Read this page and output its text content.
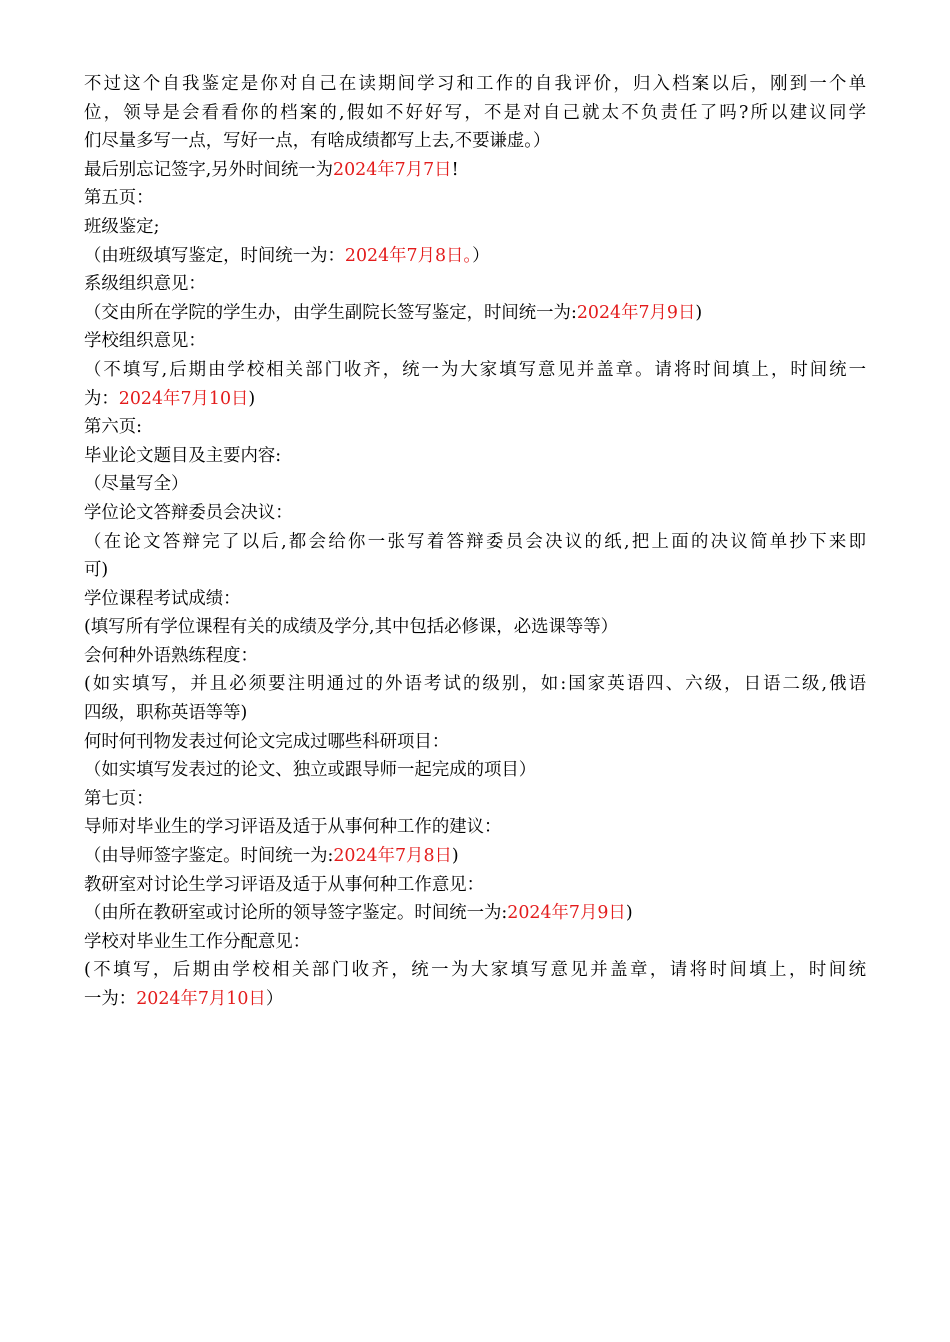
不过这个自我鉴定是你对自己在读期间学习和工作的自我评价，归入档案以后，刚到一个单

位，领导是会看看你的档案的,假如不好好写，不是对自己就太不负责任了吗?所以建议同学

们尽量多写一点，写好一点，有啥成绩都写上去,不要谦虚。）

最后别忘记签字,另外时间统一为2024年7月7日!

第五页：

班级鉴定;

（由班级填写鉴定，时间统一为：2024年7月8日。）

系级组织意见：

（交由所在学院的学生办，由学生副院长签写鉴定，时间统一为:2024年7月9日)

学校组织意见：

（不填写,后期由学校相关部门收齐，统一为大家填写意见并盖章。请将时间填上，时间统一

为：2024年7月10日)

第六页:

毕业论文题目及主要内容:

（尽量写全）

学位论文答辩委员会决议：

（在论文答辩完了以后,都会给你一张写着答辩委员会决议的纸,把上面的决议简单抄下来即

可)

学位课程考试成绩：

(填写所有学位课程有关的成绩及学分,其中包括必修课，必选课等等）

会何种外语熟练程度：

(如实填写，并且必须要注明通过的外语考试的级别，如:国家英语四、六级，日语二级,俄语

四级，职称英语等等)

何时何刊物发表过何论文完成过哪些科研项目：

（如实填写发表过的论文、独立或跟导师一起完成的项目）

第七页：

导师对毕业生的学习评语及适于从事何种工作的建议：

（由导师签字鉴定。时间统一为:2024年7月8日)

教研室对讨论生学习评语及适于从事何种工作意见：

（由所在教研室或讨论所的领导签字鉴定。时间统一为:2024年7月9日)

学校对毕业生工作分配意见：

(不填写，后期由学校相关部门收齐，统一为大家填写意见并盖章，请将时间填上，时间统

一为：2024年7月10日）
